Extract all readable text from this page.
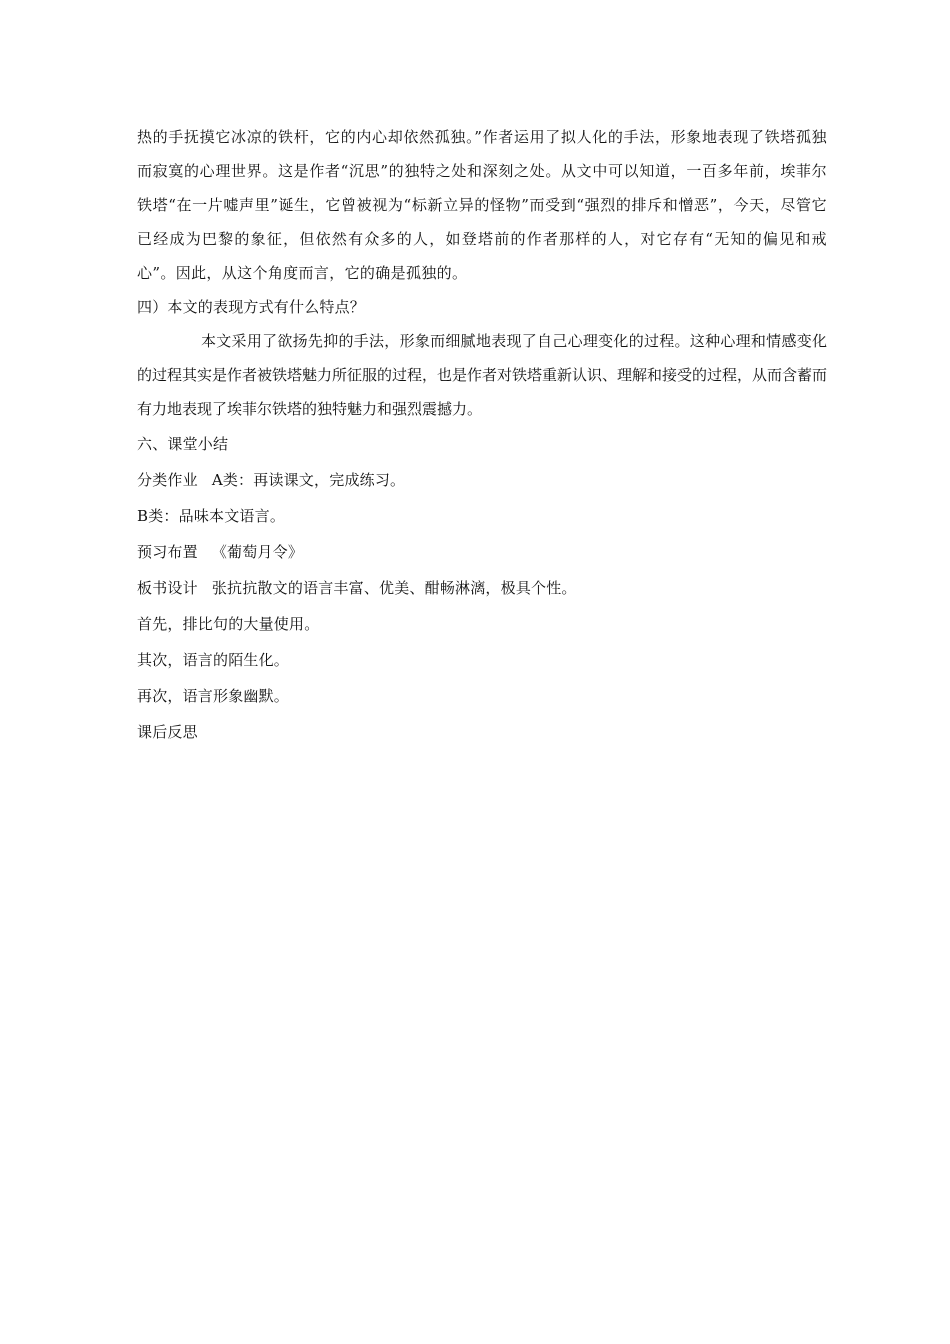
热的手抚摸它冰凉的铁杆，它的内心却依然孤独。”作者运用了拟人化的手法，形象地表现了铁塔孤独而寂寞的心理世界。这是作者“沉思”的独特之处和深刻之处。从文中可以知道，一百多年前，埃菲尔铁塔“在一片嘘声里”诞生，它曾被视为“标新立异的怪物”而受到“强烈的排斥和憎恶”，今天，尽管它已经成为巴黎的象征，但依然有众多的人，如登塔前的作者那样的人，对它存有“无知的偏见和戒心”。因此，从这个角度而言，它的确是孤独的。

四）本文的表现方式有什么特点？

本文采用了欲扬先抑的手法，形象而细腻地表现了自己心理变化的过程。这种心理和情感变化的过程其实是作者被铁塔魅力所征服的过程，也是作者对铁塔重新认识、理解和接受的过程，从而含蓄而有力地表现了埃菲尔铁塔的独特魅力和强烈震撼力。

六、课堂小结

分类作业 A类：再读课文，完成练习。

B类：品味本文语言。

预习布置 《葡萄月令》

板书设计 张抗抗散文的语言丰富、优美、酣畅淋漓，极具个性。

首先，排比句的大量使用。

其次，语言的陌生化。

再次，语言形象幽默。

课后反思
